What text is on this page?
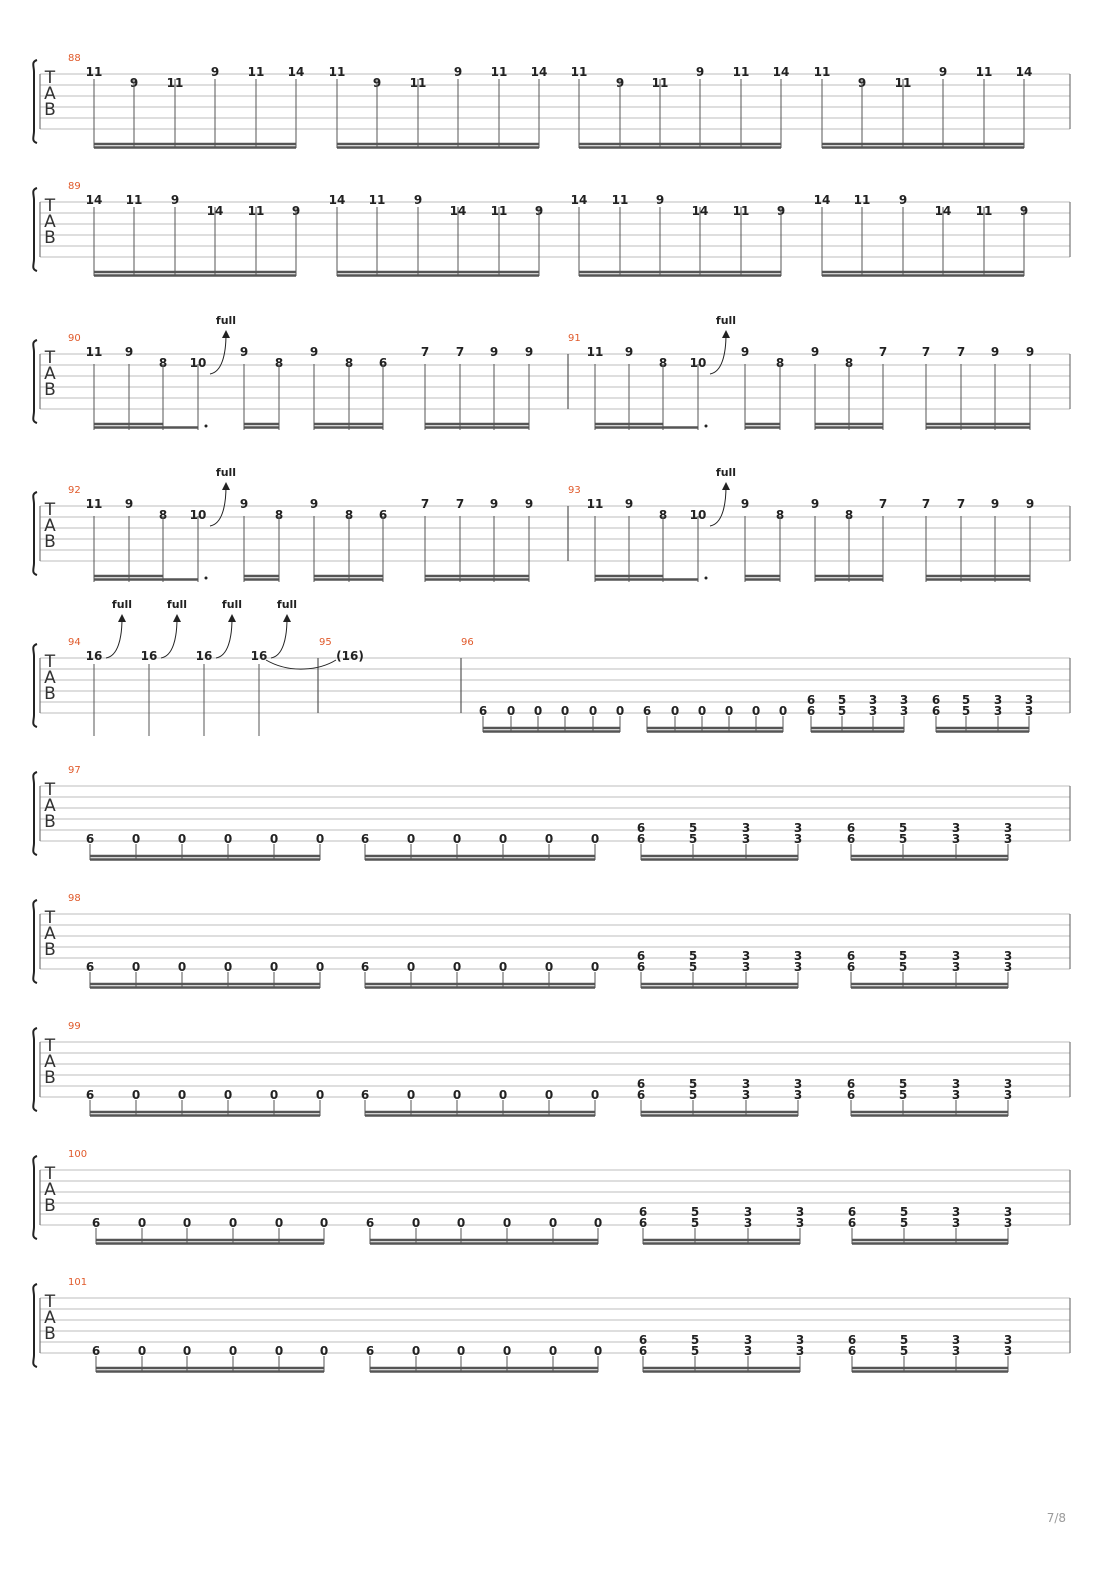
T
A
B
88
11
9 11
9 11 14 11
9 11
9 11 14 11
9 11
9 11 14 11
9 11
9 11 14
T
A
B
89
14 11 9
14 11 9
14 11 9
14 11 9
14 11 9
14 11 9
14 11 9
14 11 9
T
A
B
90
11 9
8 10
9
8
9
8 6
7 7 9 9
full
91
11 9
8 10
9
8
9
8
7	7 7 9 9
full
T
A
B
92
11 9
8 10
9
8
9
8 6
7 7 9 9
full
93
11 9
8 10
9
8
9
8
7	7 7 9 9
full
T
A
B
94
16
full
16
full
16
full
16
full
95
(16)
96
6 0 0 0 0 0 6 0 0 0 0 0
6
6
5
5
3
3
3
3
6
6
5
5
3
3
3
3
T
A
B
97
6	0	0	0	0	0	6	0	0	0	0	0
6
6
5
5
3
3
3
3
6
6
5
5
3
3
3
3
T
A
B
98
6	0	0	0	0	0	6	0	0	0	0	0
6
6
5
5
3
3
3
3
6
6
5
5
3
3
3
3
T
A
B
99
6	0	0	0	0	0	6	0	0	0	0	0
6
6
5
5
3
3
3
3
6
6
5
5
3
3
3
3
T
A
B
100
6	0	0	0	0	0	6	0	0	0	0	0
6
6
5
5
3
3
3
3
6
6
5
5
3
3
3
3
T
A
B
101
6	0	0	0	0	0	6	0	0	0	0	0
6
6
5
5
3
3
3
3
6
6
5
5
3
3
3
3
7/8
